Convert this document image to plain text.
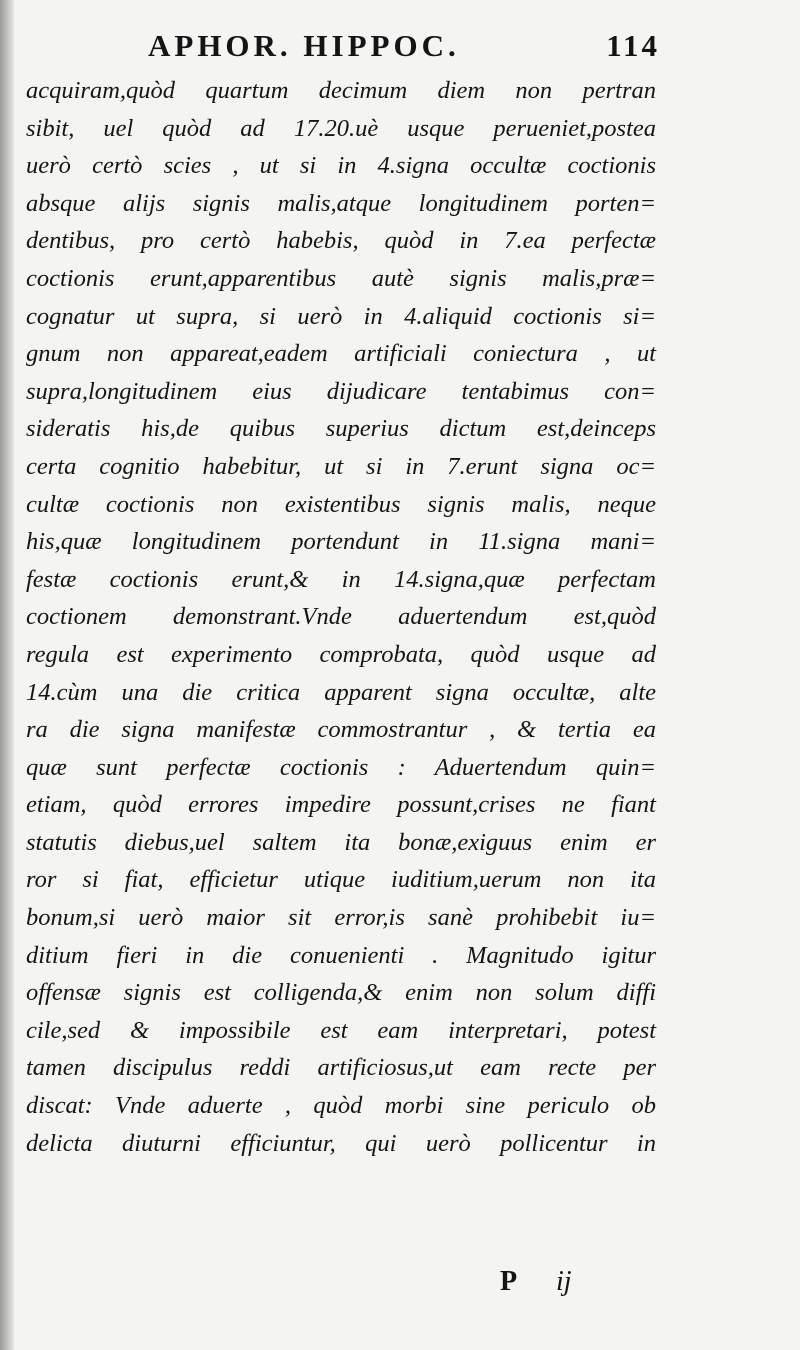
APHOR. HIPPOC.	114
acquiram,quòd quartum decimum diem non pertran
sibit, uel quòd ad 17.20.uè usque perueniet,postea
uerò certò scies , ut si in 4.signa occultæ coctionis
absque alijs signis malis,atque longitudinem porten=
dentibus, pro certò habebis, quòd in 7.ea perfectæ
coctionis erunt,apparentibus autè signis malis,præ=
cognatur ut supra, si uerò in 4.aliquid coctionis si=
gnum non appareat,eadem artificiali coniectura , ut
supra,longitudinem eius dijudicare tentabimus con=
sideratis his,de quibus superius dictum est,deinceps
certa cognitio habebitur, ut si in 7.erunt signa oc=
cultæ coctionis non existentibus signis malis, neque
his,quæ longitudinem portendunt in 11.signa mani=
festæ coctionis erunt,& in 14.signa,quæ perfectam
coctionem demonstrant.Vnde aduertendum est,quòd
regula est experimento comprobata, quòd usque ad
14.cùm una die critica apparent signa occultæ, alte
ra die signa manifestæ commostrantur , & tertia ea
quæ sunt perfectæ coctionis : Aduertendum quin=
etiam, quòd errores impedire possunt,crises ne fiant
statutis diebus,uel saltem ita bonæ,exiguus enim er
ror si fiat, efficietur utique iuditium,uerum non ita
bonum,si uerò maior sit error,is sanè prohibebit iu=
ditium fieri in die conuenienti . Magnitudo igitur
offensæ signis est colligenda,& enim non solum diffi
cile,sed & impossibile est eam interpretari, potest
tamen discipulus reddi artificiosus,ut eam recte per
discat: Vnde aduerte , quòd morbi sine periculo ob
delicta diuturni efficiuntur, qui uerò pollicentur in
P ij
